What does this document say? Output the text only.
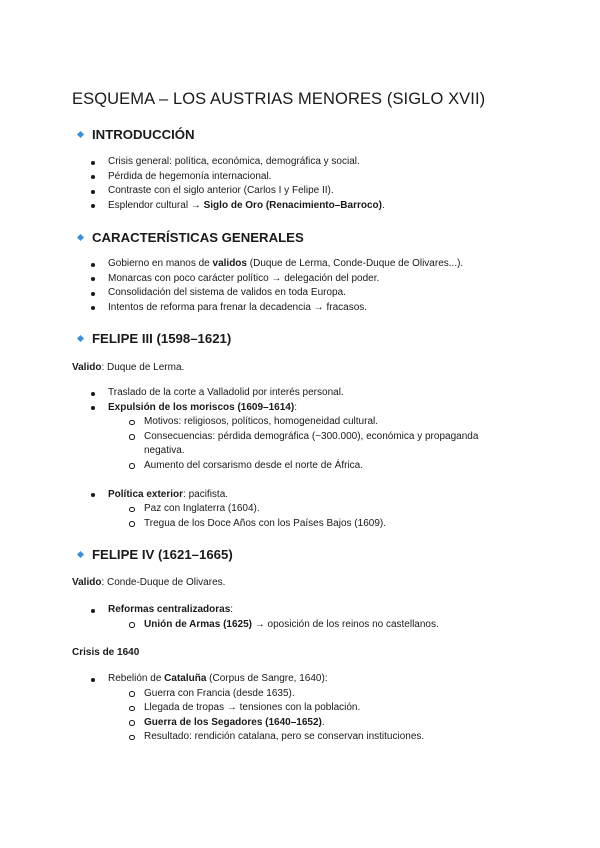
ESQUEMA – LOS AUSTRIAS MENORES (SIGLO XVII)
INTRODUCCIÓN
Crisis general: política, económica, demográfica y social.
Pérdida de hegemonía internacional.
Contraste con el siglo anterior (Carlos I y Felipe II).
Esplendor cultural → Siglo de Oro (Renacimiento–Barroco).
CARACTERÍSTICAS GENERALES
Gobierno en manos de validos (Duque de Lerma, Conde-Duque de Olivares...).
Monarcas con poco carácter político → delegación del poder.
Consolidación del sistema de validos en toda Europa.
Intentos de reforma para frenar la decadencia → fracasos.
FELIPE III (1598–1621)
Valido: Duque de Lerma.
Traslado de la corte a Valladolid por interés personal.
Expulsión de los moriscos (1609–1614):
Motivos: religiosos, políticos, homogeneidad cultural.
Consecuencias: pérdida demográfica (~300.000), económica y propaganda negativa.
Aumento del corsarismo desde el norte de África.
Política exterior: pacifista.
Paz con Inglaterra (1604).
Tregua de los Doce Años con los Países Bajos (1609).
FELIPE IV (1621–1665)
Valido: Conde-Duque de Olivares.
Reformas centralizadoras:
Unión de Armas (1625) → oposición de los reinos no castellanos.
Crisis de 1640
Rebelión de Cataluña (Corpus de Sangre, 1640):
Guerra con Francia (desde 1635).
Llegada de tropas → tensiones con la población.
Guerra de los Segadores (1640–1652).
Resultado: rendición catalana, pero se conservan instituciones.
